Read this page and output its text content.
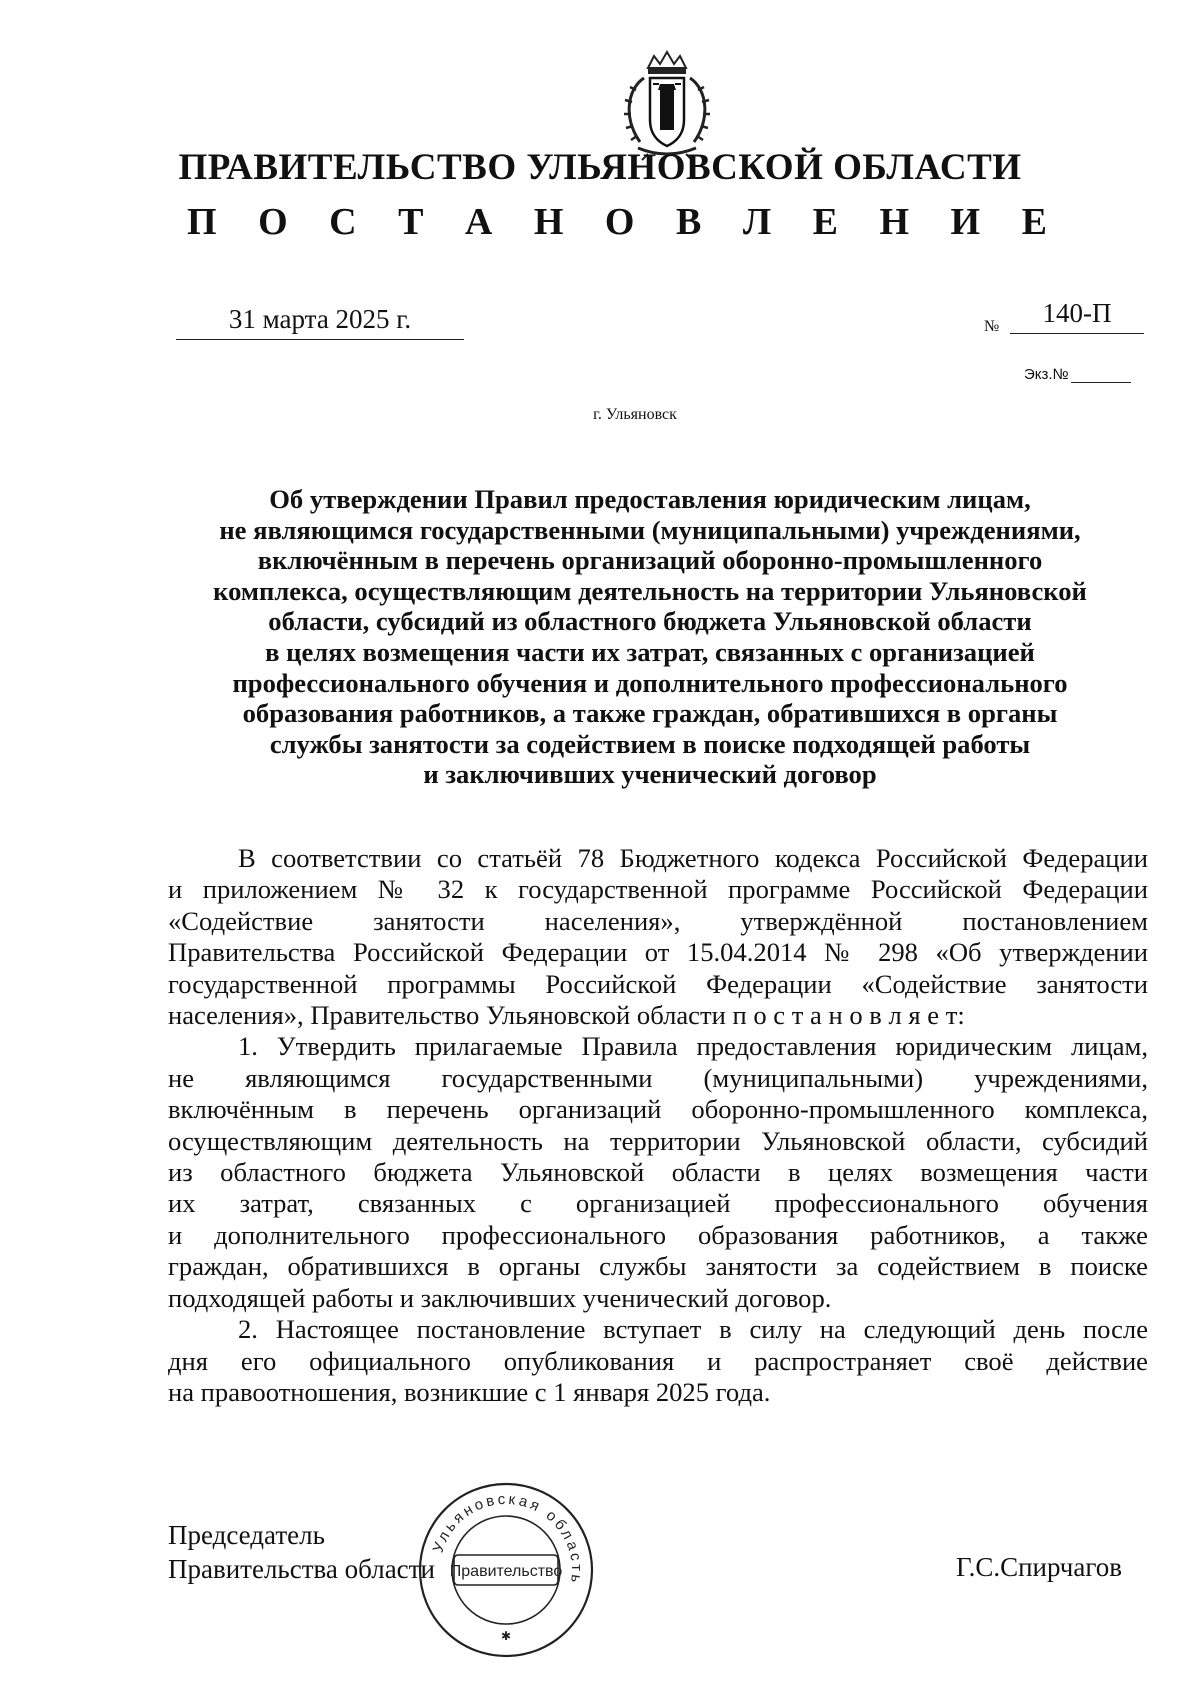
ПРАВИТЕЛЬСТВО УЛЬЯНОВСКОЙ ОБЛАСТИ
П О С Т А Н О В Л Е Н И Е
31 марта 2025 г.	№	140-П
Экз.№
г. Ульяновск
Об утверждении Правил предоставления юридическим лицам,
не являющимся государственными (муниципальными) учреждениями,
включённым в перечень организаций оборонно-промышленного
комплекса, осуществляющим деятельность на территории Ульяновской
области, субсидий из областного бюджета Ульяновской области
в целях возмещения части их затрат, связанных с организацией
профессионального обучения и дополнительного профессионального
образования работников, а также граждан, обратившихся в органы
службы занятости за содействием в поиске подходящей работы
и заключивших ученический договор
В соответствии со статьёй 78 Бюджетного кодекса Российской Федерации
и приложением № 32 к государственной программе Российской Федерации
«Содействие занятости населения», утверждённой постановлением
Правительства Российской Федерации от 15.04.2014 № 298 «Об утверждении
государственной программы Российской Федерации «Содействие занятости
населения», Правительство Ульяновской области п о с т а н о в л я е т:
1. Утвердить прилагаемые Правила предоставления юридическим лицам,
не являющимся государственными (муниципальными) учреждениями,
включённым в перечень организаций оборонно-промышленного комплекса,
осуществляющим деятельность на территории Ульяновской области, субсидий
из областного бюджета Ульяновской области в целях возмещения части
их затрат, связанных с организацией профессионального обучения
и дополнительного профессионального образования работников, а также
граждан, обратившихся в органы службы занятости за содействием в поиске
подходящей работы и заключивших ученический договор.
2. Настоящее постановление вступает в силу на следующий день после
дня его официального опубликования и распространяет своё действие
на правоотношения, возникшие с 1 января 2025 года.
Председатель
Правительства области	Г.С.Спирчагов
Ульяновская область
Правительство
✱
